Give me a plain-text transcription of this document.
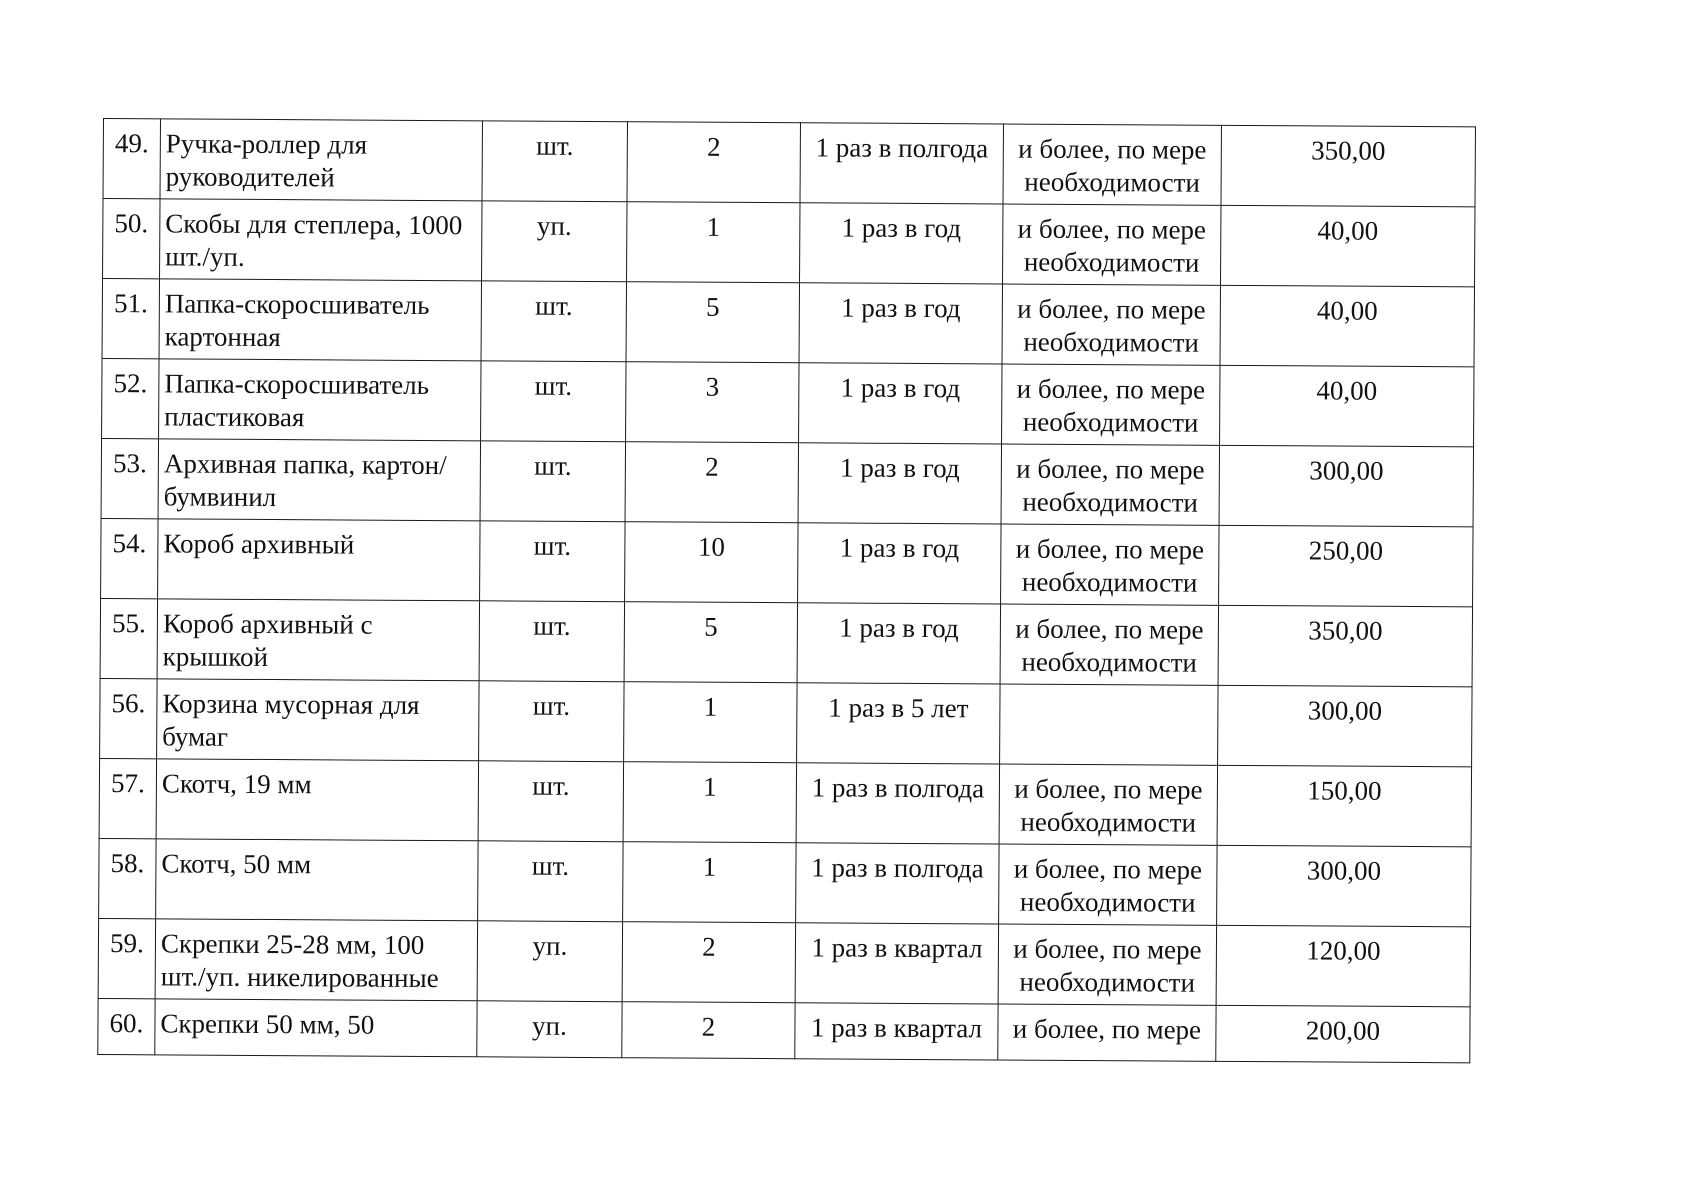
49.	Ручка-роллер для руководителей	шт.	2	1 раз в полгода	и более, по мере необходимости	350,00
50.	Скобы для степлера, 1000 шт./уп.	уп.	1	1 раз в год	и более, по мере необходимости	40,00
51.	Папка-скоросшиватель картонная	шт.	5	1 раз в год	и более, по мере необходимости	40,00
52.	Папка-скоросшиватель пластиковая	шт.	3	1 раз в год	и более, по мере необходимости	40,00
53.	Архивная папка, картон/бумвинил	шт.	2	1 раз в год	и более, по мере необходимости	300,00
54.	Короб архивный	шт.	10	1 раз в год	и более, по мере необходимости	250,00
55.	Короб архивный с крышкой	шт.	5	1 раз в год	и более, по мере необходимости	350,00
56.	Корзина мусорная для бумаг	шт.	1	1 раз в 5 лет		300,00
57.	Скотч, 19 мм	шт.	1	1 раз в полгода	и более, по мере необходимости	150,00
58.	Скотч, 50 мм	шт.	1	1 раз в полгода	и более, по мере необходимости	300,00
59.	Скрепки 25-28 мм, 100 шт./уп. никелированные	уп.	2	1 раз в квартал	и более, по мере необходимости	120,00
60.	Скрепки 50 мм, 50	уп.	2	1 раз в квартал	и более, по мере	200,00
